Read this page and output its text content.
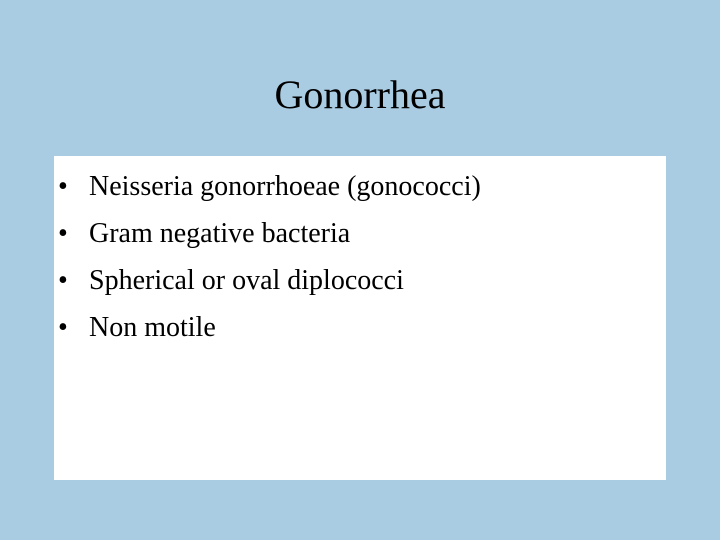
Gonorrhea
• Neisseria gonorrhoeae (gonococci)
• Gram negative bacteria
• Spherical or oval diplococci
• Non motile
